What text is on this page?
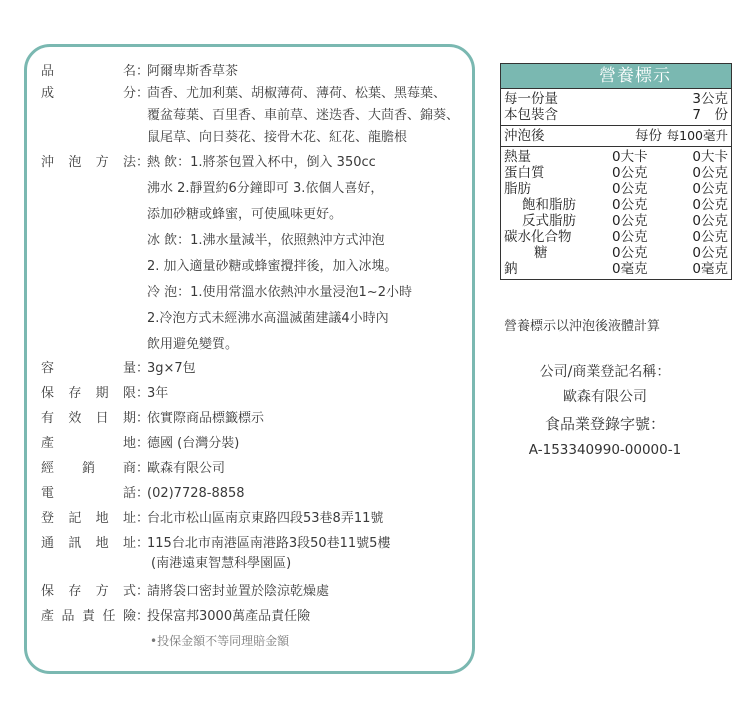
品	名 ：
阿爾卑斯香草茶
成	分 ：
茴香、尤加利葉、胡椒薄荷、薄荷、松葉、黑莓葉、
覆盆莓葉、百里香、車前草、迷迭香、大茴香、錦葵、
鼠尾草、向日葵花、接骨木花、紅花、龍膽根
沖 泡 方 法 ：
熱 飲：1.將茶包置入杯中，倒入 350cc
沸水 2.靜置約6分鐘即可 3.依個人喜好，
添加砂糖或蜂蜜，可使風味更好。
冰 飲：1.沸水量減半，依照熱沖方式沖泡
2. 加入適量砂糖或蜂蜜攪拌後，加入冰塊。
冷 泡：1.使用常溫水依熱沖水量浸泡1~2小時
2.冷泡方式未經沸水高溫滅菌建議4小時內
飲用避免變質。
容	量 ：
3g×7包
保 存 期 限 ：
3年
有 效 日 期 ：
依實際商品標籤標示
產	地 ：
德國 (台灣分裝)
經 銷 商 ：
歐森有限公司
電	話 ：
(02)7728-8858
登 記 地 址 ：
台北市松山區南京東路四段53巷8弄11號
通 訊 地 址 ：
115台北市南港區南港路3段50巷11號5樓
(南港遠東智慧科學園區)
保 存 方 式 ：
請將袋口密封並置於陰涼乾燥處
產 品 責 任 險 ：
投保富邦3000萬產品責任險
•投保金額不等同理賠金額
營養標示
每一份量	3公克
本包裝含	7　份
沖泡後	每份 每100毫升
熱量	0大卡	0大卡
蛋白質	0公克	0公克
脂肪	0公克	0公克
飽和脂肪	0公克	0公克
反式脂肪	0公克	0公克
碳水化合物	0公克	0公克
糖	0公克	0公克
鈉	0毫克	0毫克
營養標示以沖泡後液體計算
公司/商業登記名稱：
歐森有限公司
食品業登錄字號：
A-153340990-00000-1
